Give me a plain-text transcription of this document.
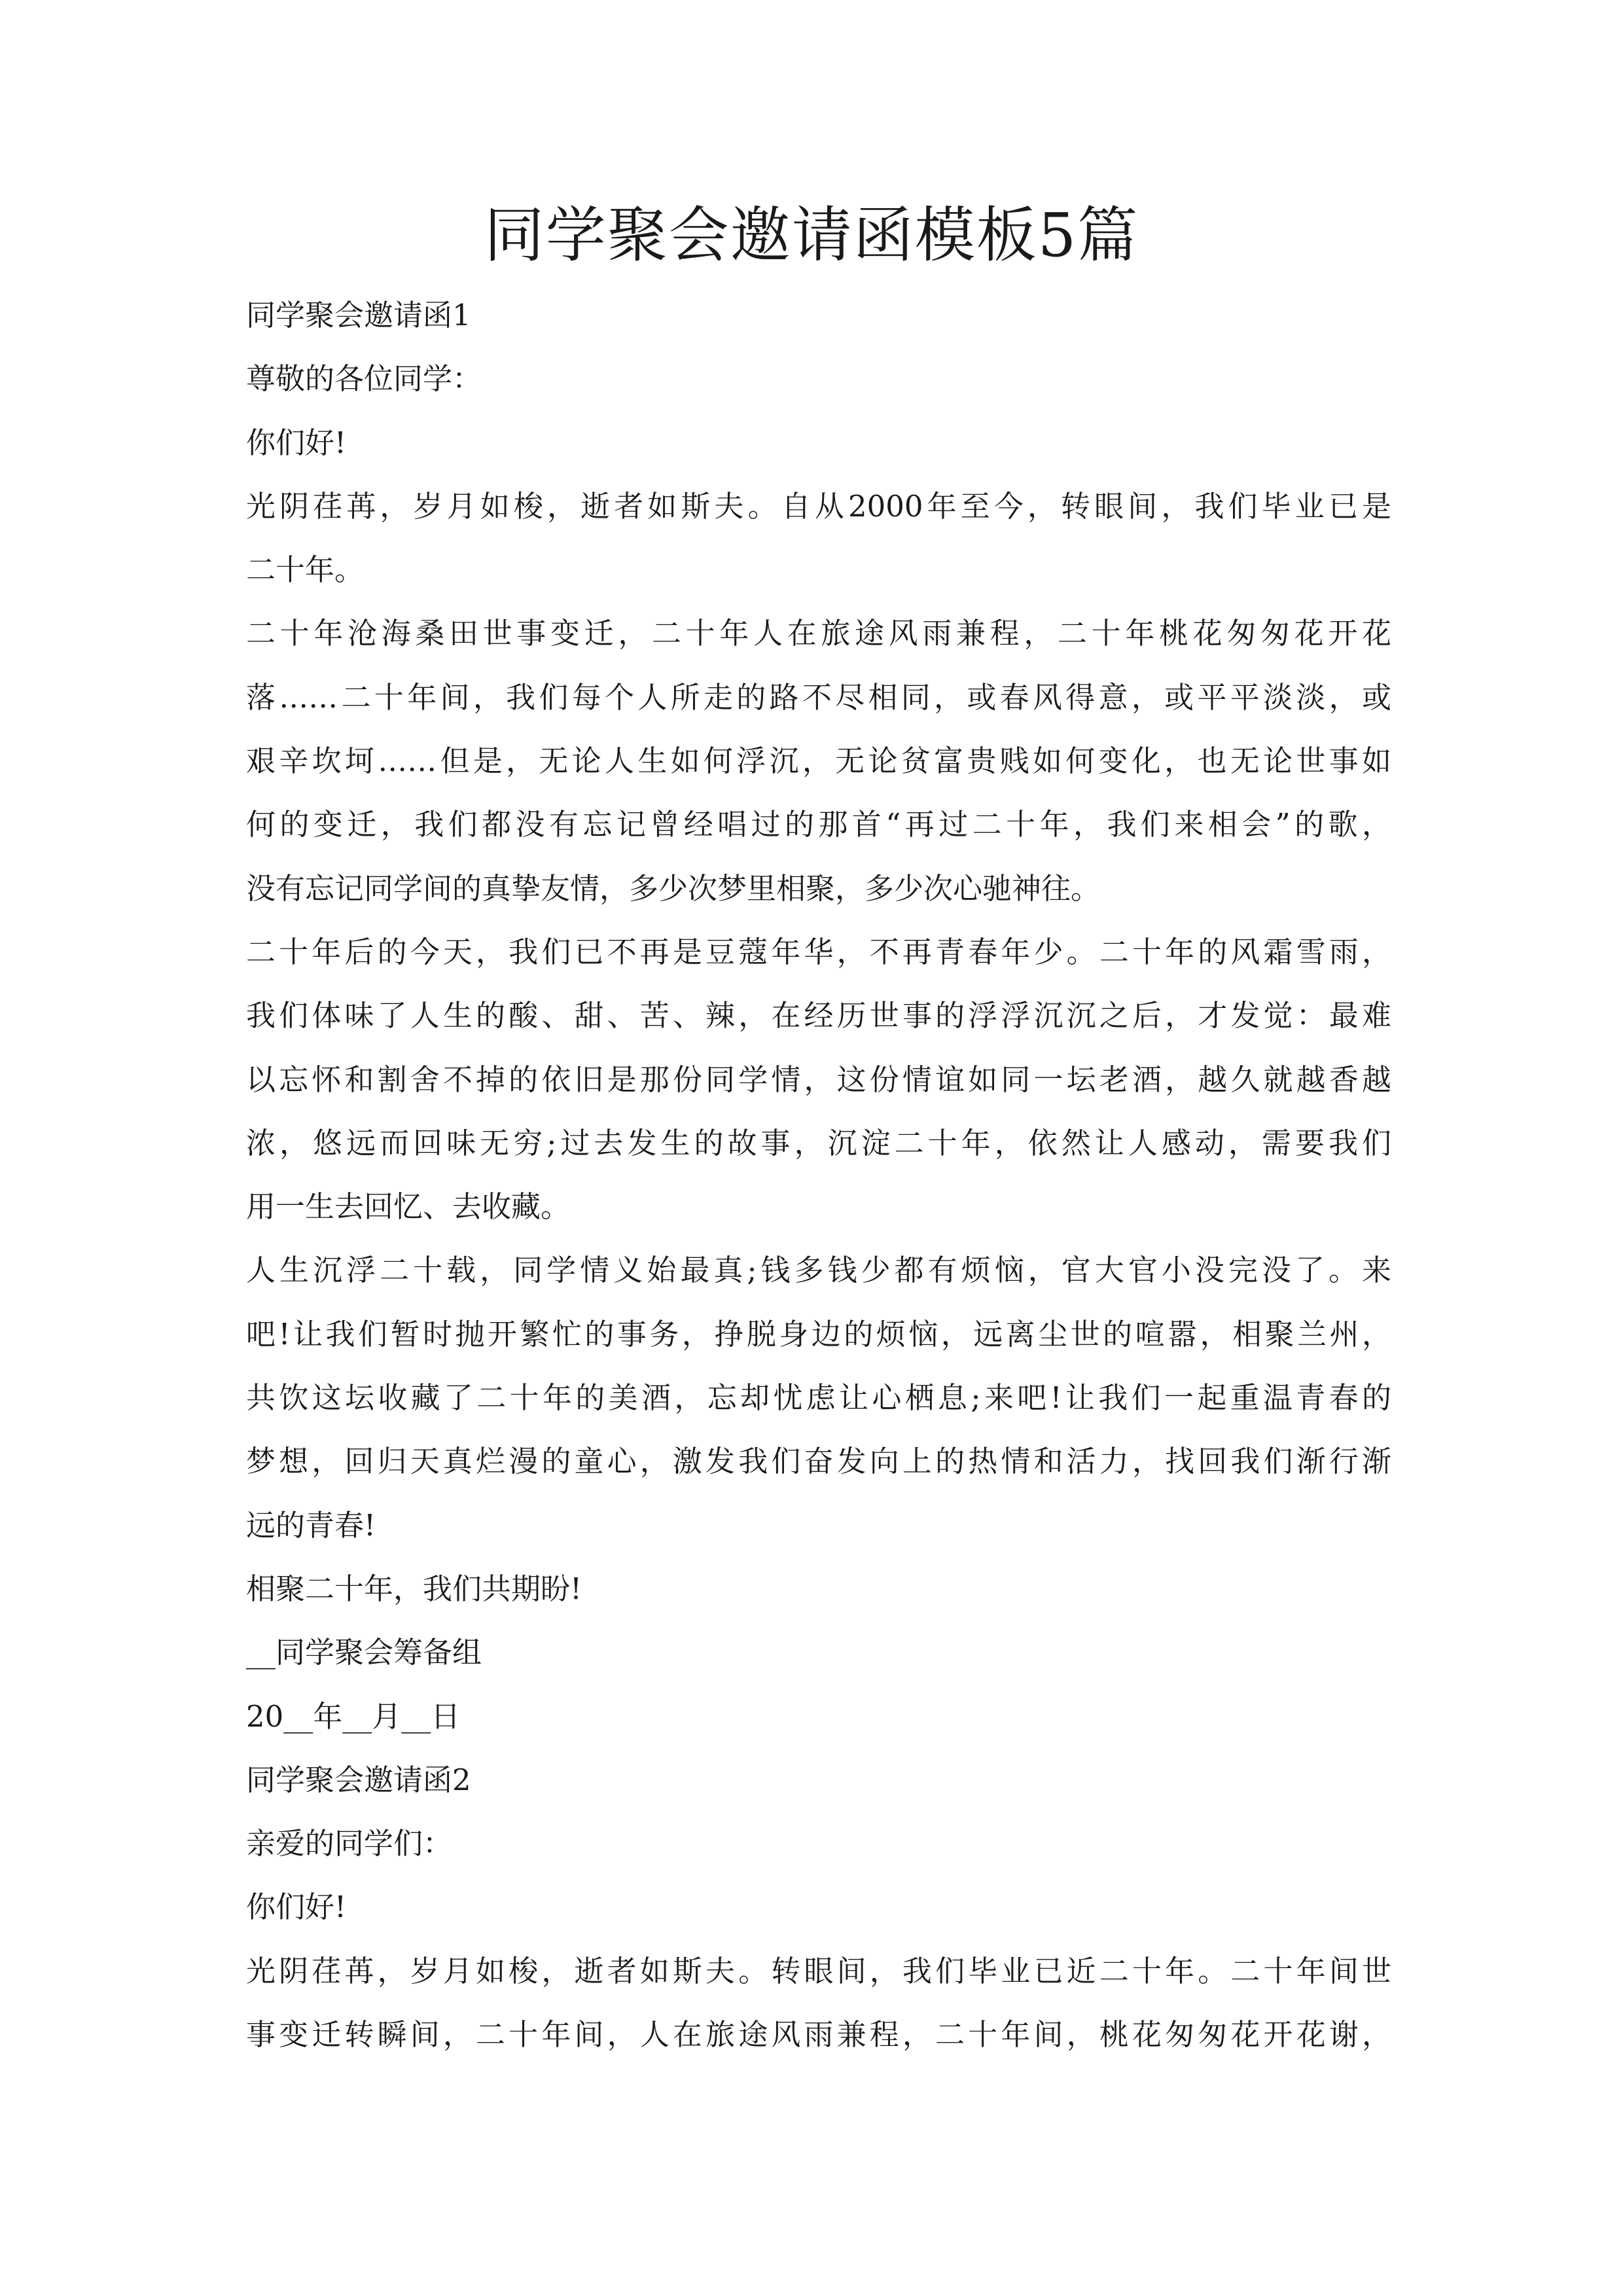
同学聚会邀请函模板5篇

同学聚会邀请函1

尊敬的各位同学：

你们好!

光阴荏苒，岁月如梭，逝者如斯夫。自从2000年至今，转眼间，我们毕业已是

二十年。

二十年沧海桑田世事变迁，二十年人在旅途风雨兼程，二十年桃花匆匆花开花

落……二十年间，我们每个人所走的路不尽相同，或春风得意，或平平淡淡，或

艰辛坎坷……但是，无论人生如何浮沉，无论贫富贵贱如何变化，也无论世事如

何的变迁，我们都没有忘记曾经唱过的那首“再过二十年，我们来相会”的歌，

没有忘记同学间的真挚友情，多少次梦里相聚，多少次心驰神往。

二十年后的今天，我们已不再是豆蔻年华，不再青春年少。二十年的风霜雪雨，

我们体味了人生的酸、甜、苦、辣，在经历世事的浮浮沉沉之后，才发觉：最难

以忘怀和割舍不掉的依旧是那份同学情，这份情谊如同一坛老酒，越久就越香越

浓，悠远而回味无穷;过去发生的故事，沉淀二十年，依然让人感动，需要我们

用一生去回忆、去收藏。

人生沉浮二十载，同学情义始最真;钱多钱少都有烦恼，官大官小没完没了。来

吧!让我们暂时抛开繁忙的事务，挣脱身边的烦恼，远离尘世的喧嚣，相聚兰州，

共饮这坛收藏了二十年的美酒，忘却忧虑让心栖息;来吧!让我们一起重温青春的

梦想，回归天真烂漫的童心，激发我们奋发向上的热情和活力，找回我们渐行渐

远的青春!

相聚二十年，我们共期盼!

__同学聚会筹备组

20__年__月__日

同学聚会邀请函2

亲爱的同学们：

你们好!

光阴荏苒，岁月如梭，逝者如斯夫。转眼间，我们毕业已近二十年。二十年间世

事变迁转瞬间，二十年间，人在旅途风雨兼程，二十年间，桃花匆匆花开花谢，
